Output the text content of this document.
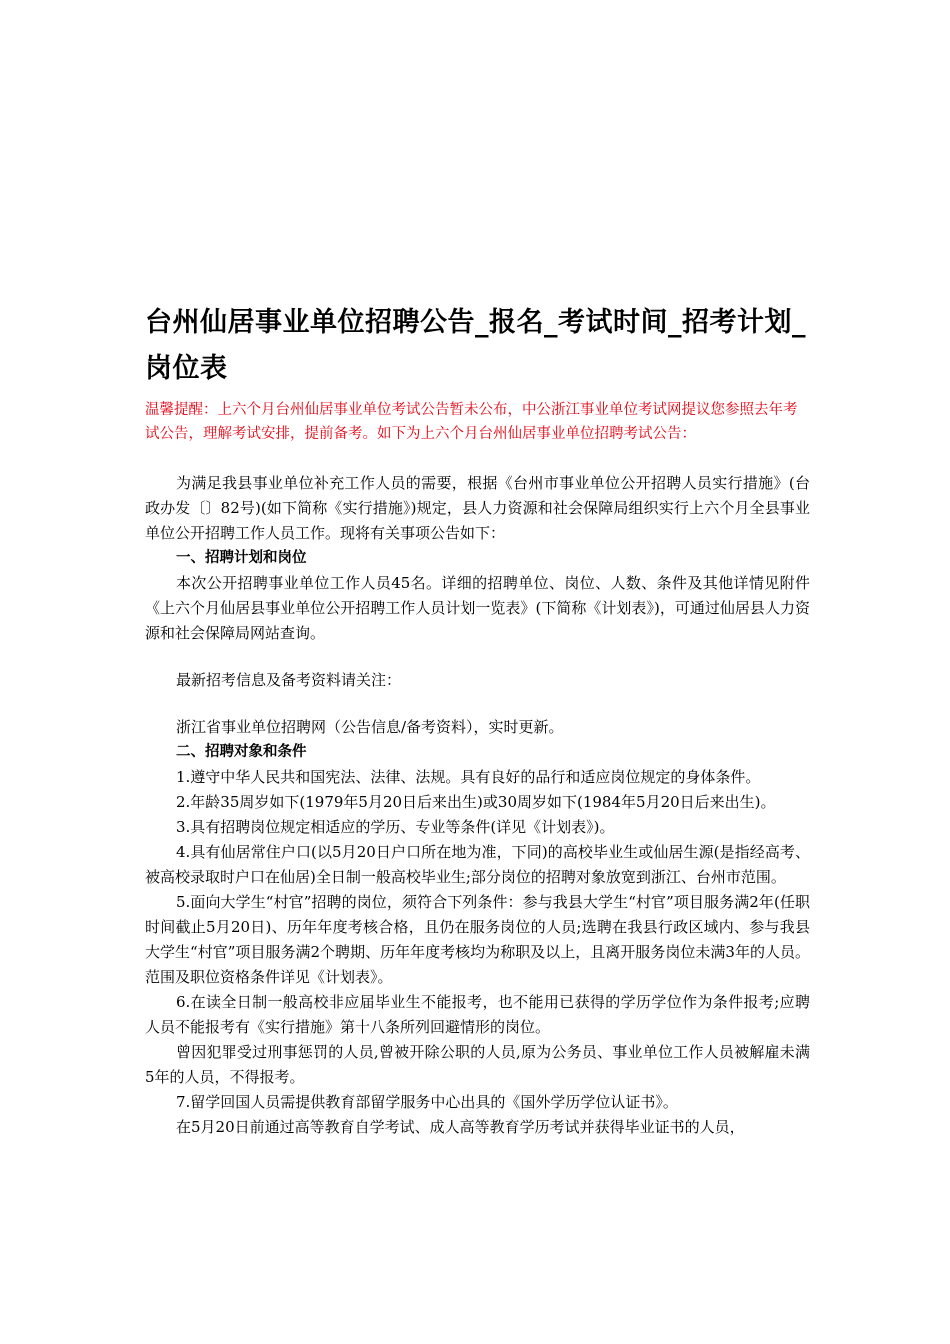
台州仙居事业单位招聘公告_报名_考试时间_招考计划_岗位表
温馨提醒：上六个月台州仙居事业单位考试公告暂未公布，中公浙江事业单位考试网提议您参照去年考试公告，理解考试安排，提前备考。如下为上六个月台州仙居事业单位招聘考试公告：

为满足我县事业单位补充工作人员的需要，根据《台州市事业单位公开招聘人员实行措施》(台政办发〔〕82号)(如下简称《实行措施》)规定，县人力资源和社会保障局组织实行上六个月全县事业单位公开招聘工作人员工作。现将有关事项公告如下：

一、招聘计划和岗位

本次公开招聘事业单位工作人员45名。详细的招聘单位、岗位、人数、条件及其他详情见附件《上六个月仙居县事业单位公开招聘工作人员计划一览表》(下简称《计划表》)，可通过仙居县人力资源和社会保障局网站查询。

最新招考信息及备考资料请关注：

浙江省事业单位招聘网（公告信息/备考资料），实时更新。

二、招聘对象和条件

1.遵守中华人民共和国宪法、法律、法规。具有良好的品行和适应岗位规定的身体条件。

2.年龄35周岁如下(1979年5月20日后来出生)或30周岁如下(1984年5月20日后来出生)。

3.具有招聘岗位规定相适应的学历、专业等条件(详见《计划表》)。

4.具有仙居常住户口(以5月20日户口所在地为准，下同)的高校毕业生或仙居生源(是指经高考、被高校录取时户口在仙居)全日制一般高校毕业生;部分岗位的招聘对象放宽到浙江、台州市范围。

5.面向大学生“村官”招聘的岗位，须符合下列条件：参与我县大学生“村官”项目服务满2年(任职时间截止5月20日)、历年年度考核合格，且仍在服务岗位的人员;选聘在我县行政区域内、参与我县大学生“村官”项目服务满2个聘期、历年年度考核均为称职及以上，且离开服务岗位未满3年的人员。范围及职位资格条件详见《计划表》。

6.在读全日制一般高校非应届毕业生不能报考，也不能用已获得的学历学位作为条件报考;应聘人员不能报考有《实行措施》第十八条所列回避情形的岗位。

曾因犯罪受过刑事惩罚的人员,曾被开除公职的人员,原为公务员、事业单位工作人员被解雇未满5年的人员，不得报考。

7.留学回国人员需提供教育部留学服务中心出具的《国外学历学位认证书》。

在5月20日前通过高等教育自学考试、成人高等教育学历考试并获得毕业证书的人员，
